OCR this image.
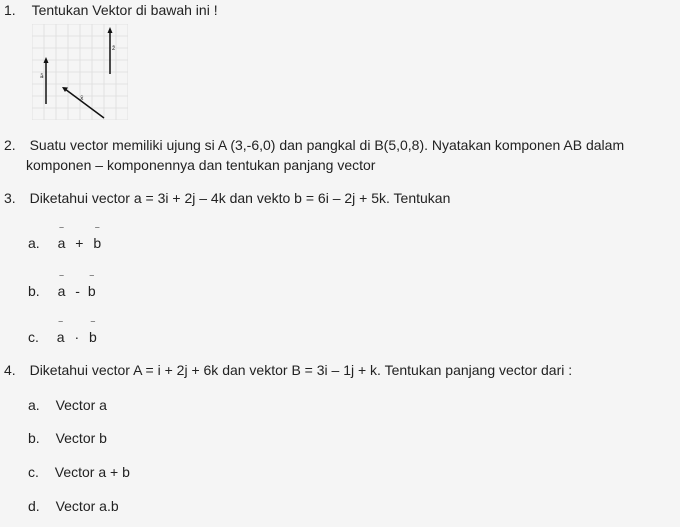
1. Tentukan Vektor di bawah ini !
ā
z̄
x̄
2. Suatu vector memiliki ujung si A (3,-6,0) dan pangkal di B(5,0,8). Nyatakan komponen AB dalam
komponen – komponennya dan tentukan panjang vector
3. Diketahui vector a = 3i + 2j – 4k dan vekto b = 6i – 2j + 5k. Tentukan
a.
⁻
a +
⁻
b
b.
⁻
a -
⁻
b
c.
⁻
a ·
⁻
b
4. Diketahui vector A = i + 2j + 6k dan vektor B = 3i – 1j + k. Tentukan panjang vector dari :
a. Vector a
b. Vector b
c. Vector a + b
d. Vector a.b
